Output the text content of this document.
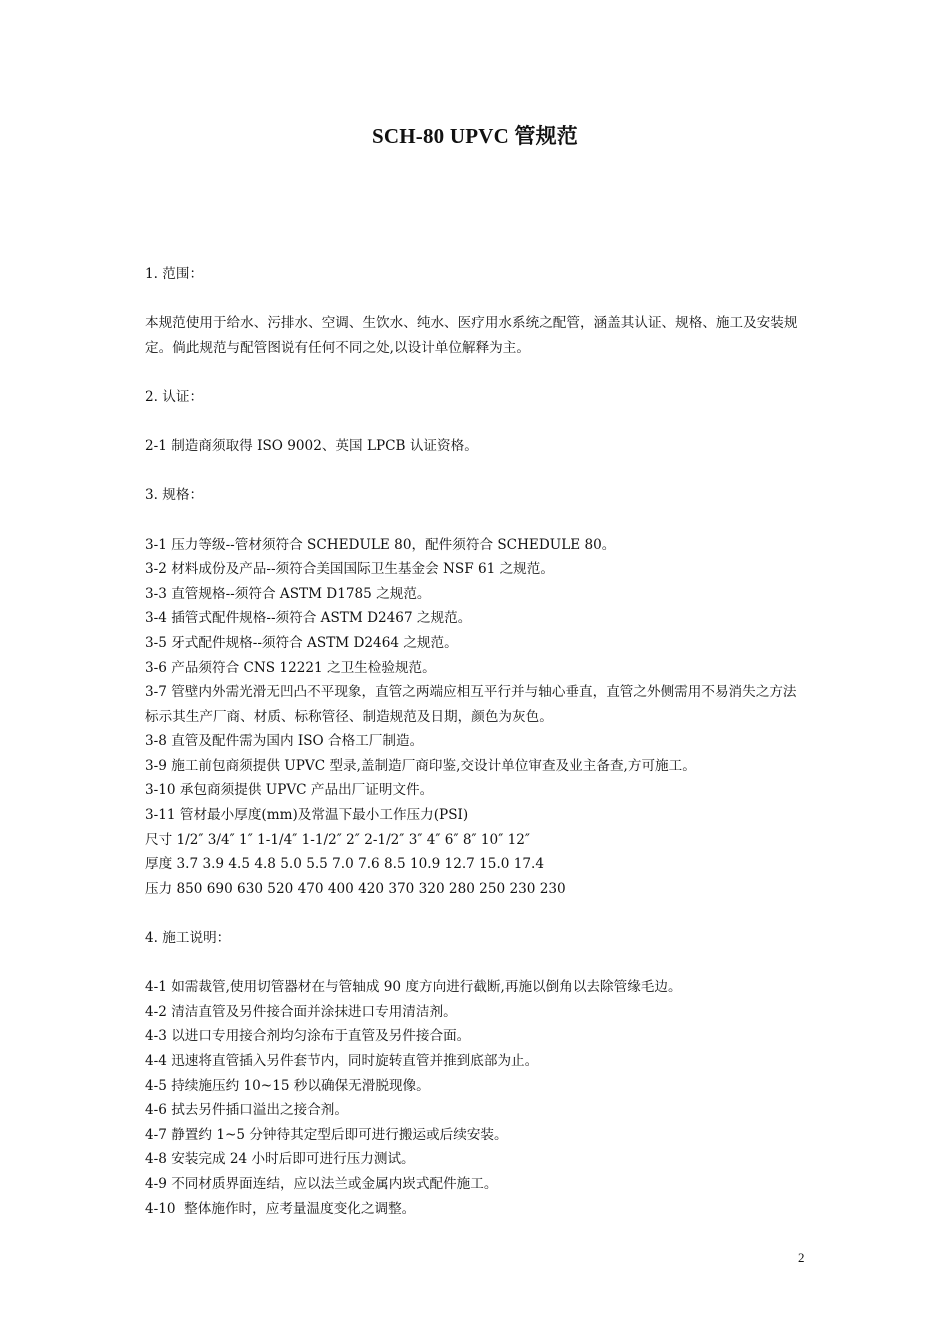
SCH-80 UPVC 管规范

1. 范围：

本规范使用于给水、污排水、空调、生饮水、纯水、医疗用水系统之配管，涵盖其认证、规格、施工及安装规定。倘此规范与配管图说有任何不同之处,以设计单位解释为主。

2. 认证：

2-1 制造商须取得 ISO 9002、英国 LPCB 认证资格。

3. 规格：

3-1 压力等级--管材须符合 SCHEDULE 80，配件须符合 SCHEDULE 80。

3-2 材料成份及产品--须符合美国国际卫生基金会 NSF 61 之规范。

3-3 直管规格--须符合 ASTM D1785 之规范。

3-4 插管式配件规格--须符合 ASTM D2467 之规范。

3-5 牙式配件规格--须符合 ASTM D2464 之规范。

3-6 产品须符合 CNS 12221 之卫生检验规范。

3-7 管壁内外需光滑无凹凸不平现象，直管之两端应相互平行并与轴心垂直，直管之外侧需用不易消失之方法标示其生产厂商、材质、标称管径、制造规范及日期，颜色为灰色。

3-8 直管及配件需为国内 ISO 合格工厂制造。

3-9 施工前包商须提供 UPVC 型录,盖制造厂商印鉴,交设计单位审查及业主备查,方可施工。

3-10 承包商须提供 UPVC 产品出厂证明文件。

3-11 管材最小厚度(mm)及常温下最小工作压力(PSI)

尺寸 1/2″ 3/4″ 1″ 1-1/4″ 1-1/2″ 2″ 2-1/2″ 3″ 4″ 6″ 8″ 10″ 12″

厚度 3.7 3.9 4.5 4.8 5.0 5.5 7.0 7.6 8.5 10.9 12.7 15.0 17.4

压力 850 690 630 520 470 400 420 370 320 280 250 230 230

4. 施工说明：

4-1 如需裁管,使用切管器材在与管轴成 90 度方向进行截断,再施以倒角以去除管缘毛边。

4-2 清洁直管及另件接合面并涂抹进口专用清洁剂。

4-3 以进口专用接合剂均匀涂布于直管及另件接合面。

4-4 迅速将直管插入另件套节内，同时旋转直管并推到底部为止。

4-5 持续施压约 10~15 秒以确保无滑脱现像。

4-6 拭去另件插口溢出之接合剂。

4-7 静置约 1~5 分钟待其定型后即可进行搬运或后续安装。

4-8 安装完成 24 小时后即可进行压力测试。

4-9 不同材质界面连结，应以法兰或金属内崁式配件施工。

4-10  整体施作时，应考量温度变化之调整。

2
